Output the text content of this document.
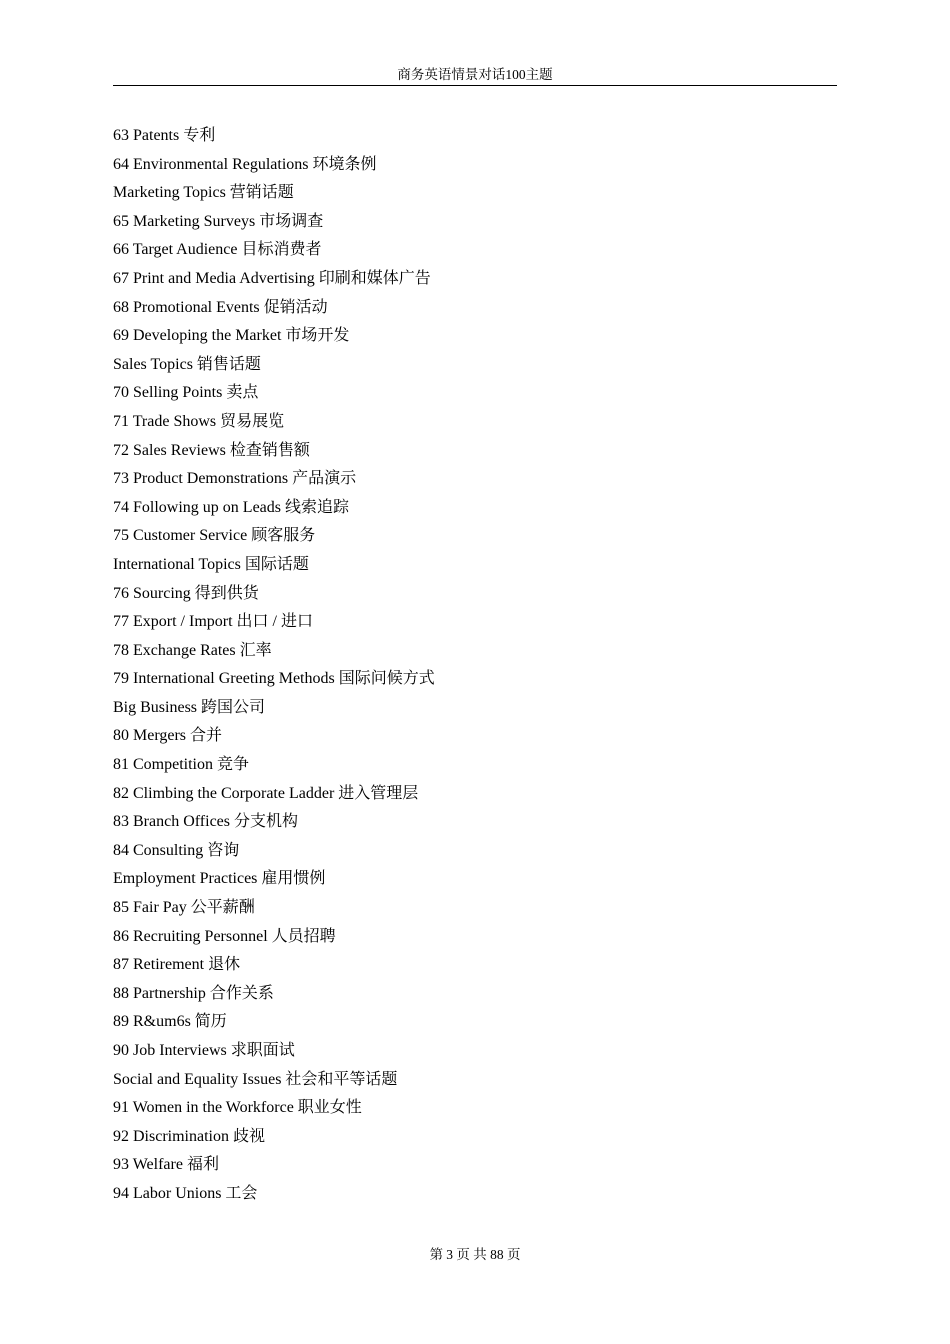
商务英语情景对话100主题
63 Patents 专利
64 Environmental Regulations 环境条例
Marketing Topics 营销话题
65 Marketing Surveys 市场调查
66 Target Audience 目标消费者
67 Print and Media Advertising 印刷和媒体广告
68 Promotional Events 促销活动
69 Developing the Market 市场开发
Sales Topics 销售话题
70 Selling Points 卖点
71 Trade Shows 贸易展览
72 Sales Reviews 检查销售额
73 Product Demonstrations 产品演示
74 Following up on Leads 线索追踪
75 Customer Service 顾客服务
International Topics 国际话题
76 Sourcing 得到供货
77 Export / Import 出口 / 进口
78 Exchange Rates 汇率
79 International Greeting Methods 国际问候方式
Big Business 跨国公司
80 Mergers 合并
81 Competition 竞争
82 Climbing the Corporate Ladder 进入管理层
83 Branch Offices 分支机构
84 Consulting 咨询
Employment Practices 雇用惯例
85 Fair Pay 公平薪酬
86 Recruiting Personnel 人员招聘
87 Retirement 退休
88 Partnership 合作关系
89 R&um6s 简历
90 Job Interviews 求职面试
Social and Equality Issues 社会和平等话题
91 Women in the Workforce 职业女性
92 Discrimination 歧视
93 Welfare 福利
94 Labor Unions 工会
第 3 页 共 88 页
